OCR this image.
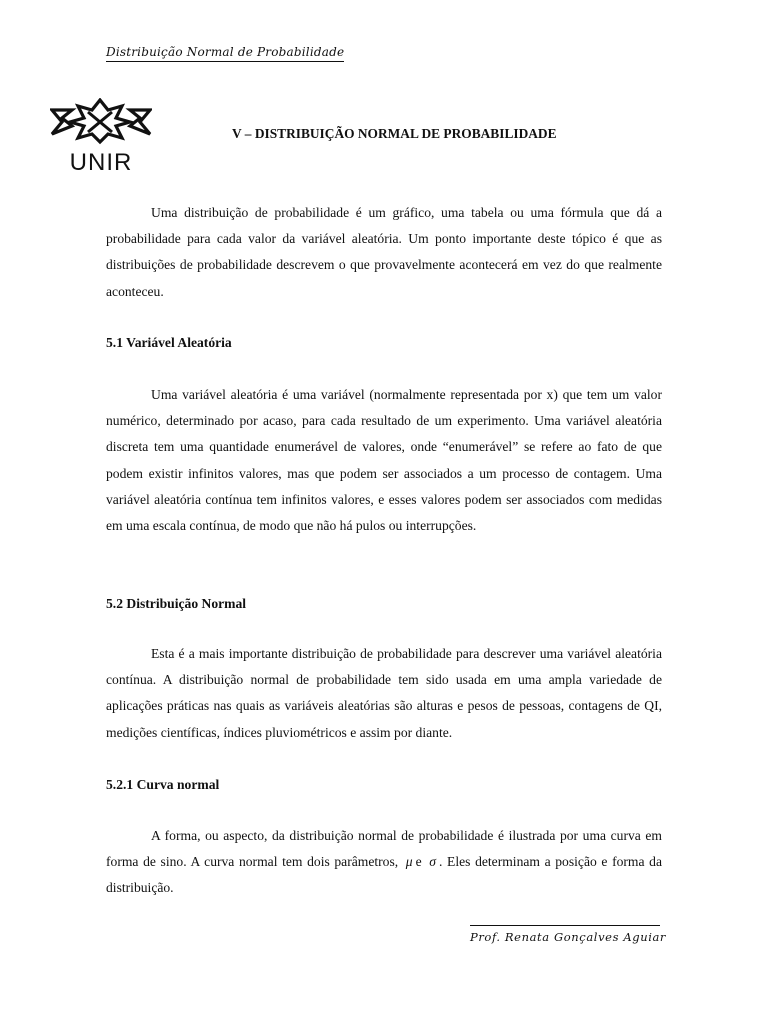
Distribuição Normal de Probabilidade
UNIR
V – DISTRIBUIÇÃO NORMAL DE PROBABILIDADE

Uma distribuição de probabilidade é um gráfico, uma tabela ou uma fórmula que dá a probabilidade para cada valor da variável aleatória. Um ponto importante deste tópico é que as distribuições de probabilidade descrevem o que provavelmente acontecerá em vez do que realmente aconteceu.

5.1 Variável Aleatória

Uma variável aleatória é uma variável (normalmente representada por x) que tem um valor numérico, determinado por acaso, para cada resultado de um experimento. Uma variável aleatória discreta tem uma quantidade enumerável de valores, onde “enumerável” se refere ao fato de que podem existir infinitos valores, mas que podem ser associados a um processo de contagem. Uma variável aleatória contínua tem infinitos valores, e esses valores podem ser associados com medidas em uma escala contínua, de modo que não há pulos ou interrupções.

5.2 Distribuição Normal

Esta é a mais importante distribuição de probabilidade para descrever uma variável aleatória contínua. A distribuição normal de probabilidade tem sido usada em uma ampla variedade de aplicações práticas nas quais as variáveis aleatórias são alturas e pesos de pessoas, contagens de QI, medições científicas, índices pluviométricos e assim por diante.

5.2.1 Curva normal

A forma, ou aspecto, da distribuição normal de probabilidade é ilustrada por uma curva em forma de sino. A curva normal tem dois parâmetros, μ e σ . Eles determinam a posição e forma da distribuição.

Prof. Renata Gonçalves Aguiar
